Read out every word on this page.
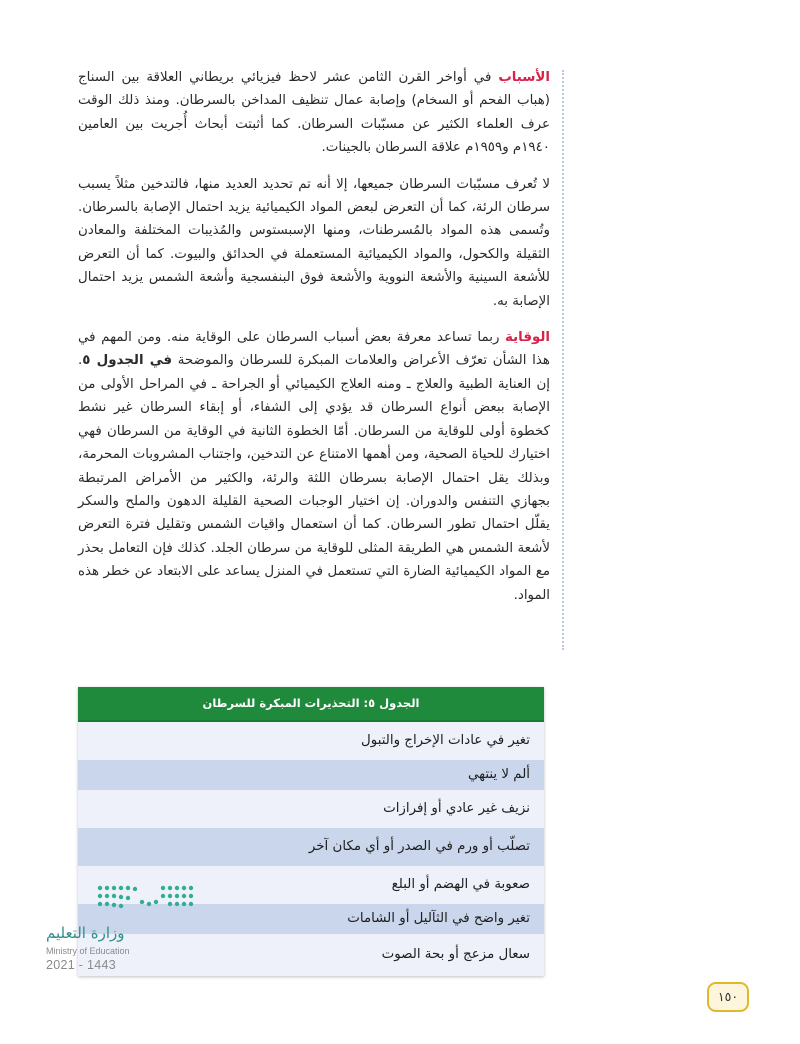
الأسباب في أواخر القرن الثامن عشر لاحظ فيزيائي بريطاني العلاقة بين السناج (هباب الفحم أو السخام) وإصابة عمال تنظيف المداخن بالسرطان. ومنذ ذلك الوقت عرف العلماء الكثير عن مسبّبات السرطان. كما أثبتت أبحاث أُجريت بين العامين ١٩٤٠م و١٩٥٩م علاقة السرطان بالجينات.

لا تُعرف مسبّبات السرطان جميعها، إلا أنه تم تحديد العديد منها، فالتدخين مثلاً يسبب سرطان الرئة، كما أن التعرض لبعض المواد الكيميائية يزيد احتمال الإصابة بالسرطان. وتُسمى هذه المواد بالمُسرطنات، ومنها الإسبستوس والمُذيبات المختلفة والمعادن الثقيلة والكحول، والمواد الكيميائية المستعملة في الحدائق والبيوت. كما أن التعرض للأشعة السينية والأشعة النووية والأشعة فوق البنفسجية وأشعة الشمس يزيد احتمال الإصابة به.

الوقاية ربما تساعد معرفة بعض أسباب السرطان على الوقاية منه. ومن المهم في هذا الشأن تعرّف الأعراض والعلامات المبكرة للسرطان والموضحة في الجدول ٥. إن العناية الطبية والعلاج ـ ومنه العلاج الكيميائي أو الجراحة ـ في المراحل الأولى من الإصابة ببعض أنواع السرطان قد يؤدي إلى الشفاء، أو إبقاء السرطان غير نشط كخطوة أولى للوقاية من السرطان. أمّا الخطوة الثانية في الوقاية من السرطان فهي اختيارك للحياة الصحية، ومن أهمها الامتناع عن التدخين، واجتناب المشروبات المحرمة، وبذلك يقل احتمال الإصابة بسرطان اللثة والرئة، والكثير من الأمراض المرتبطة بجهازي التنفس والدوران. إن اختيار الوجبات الصحية القليلة الدهون والملح والسكر يقلّل احتمال تطور السرطان. كما أن استعمال واقيات الشمس وتقليل فترة التعرض لأشعة الشمس هي الطريقة المثلى للوقاية من سرطان الجلد. كذلك فإن التعامل بحذر مع المواد الكيميائية الضارة التي تستعمل في المنزل يساعد على الابتعاد عن خطر هذه المواد.

الجدول ٥: التحذيرات المبكرة للسرطان
تغير في عادات الإخراج والتبول
ألم لا ينتهي
نزيف غير عادي أو إفرازات
تصلّب أو ورم في الصدر أو أي مكان آخر
صعوبة في الهضم أو البلع
تغير واضح في الثآليل أو الشامات
سعال مزعج أو بحة الصوت
وزارة التعليم
Ministry of Education
2021 - 1443
١٥٠
